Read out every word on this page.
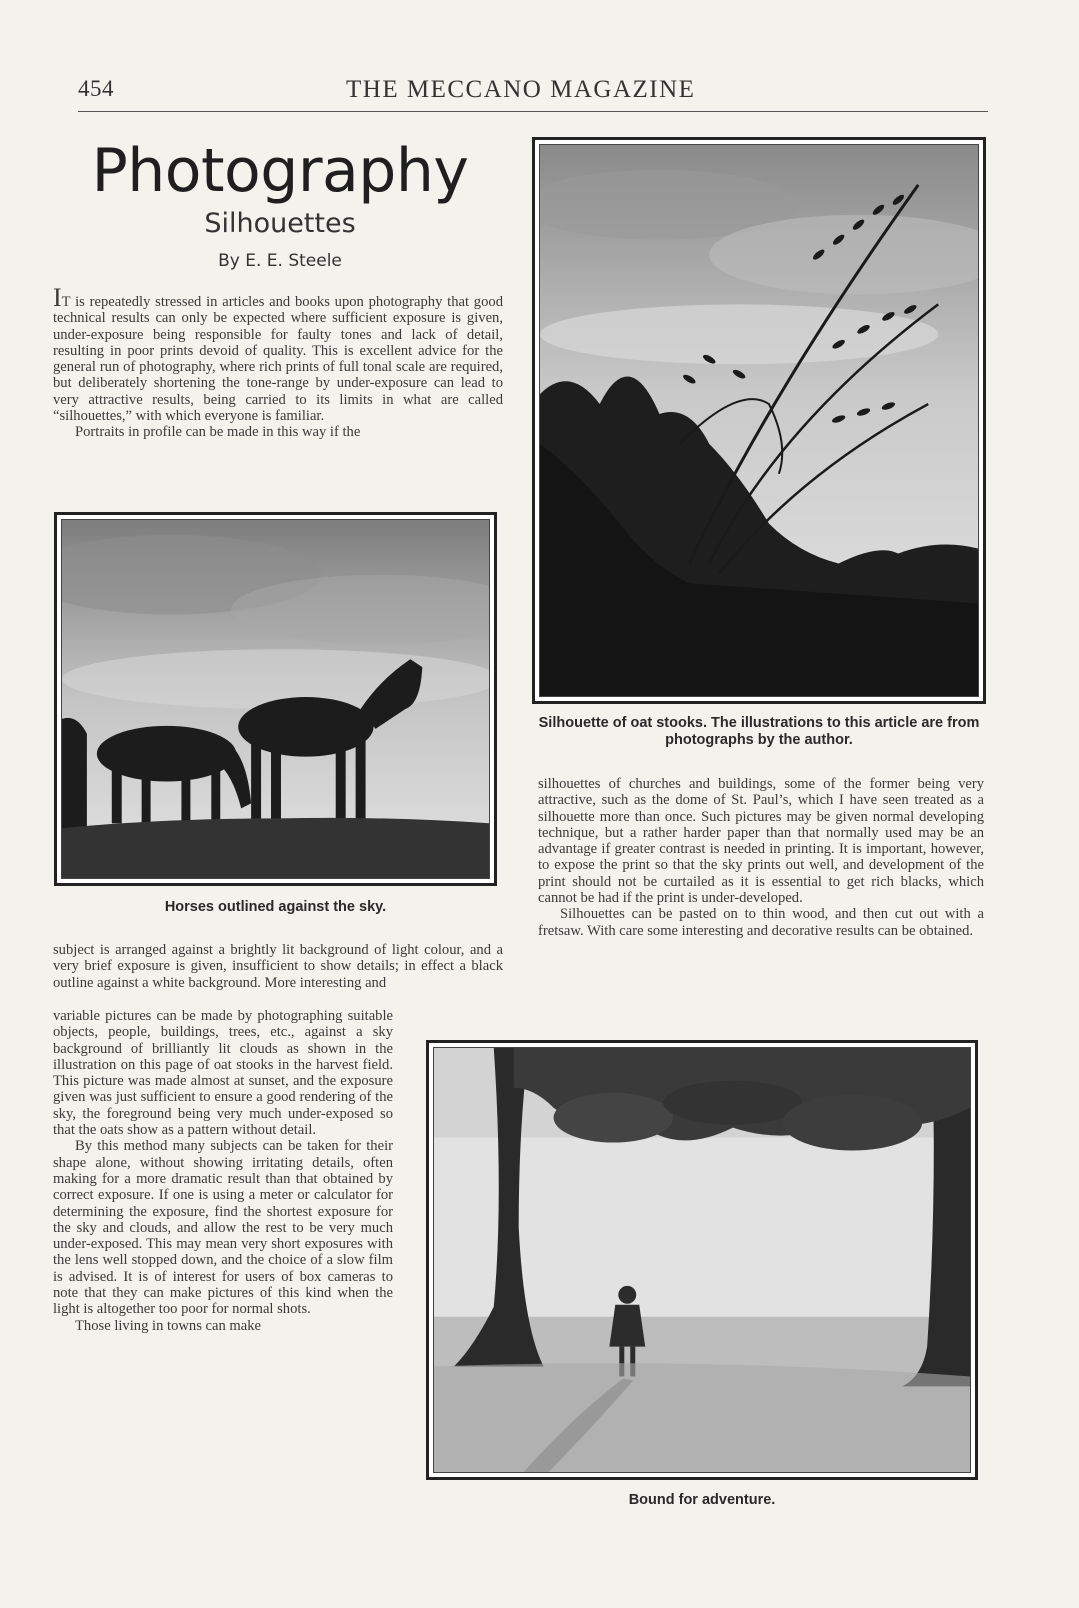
454	THE MECCANO MAGAZINE
Photography
Silhouettes
By E. E. Steele

IT is repeatedly stressed in articles and books upon photography that good technical results can only be expected where sufficient exposure is given, under-exposure being responsible for faulty tones and lack of detail, resulting in poor prints devoid of quality. This is excellent advice for the general run of photography, where rich prints of full tonal scale are required, but deliberately shortening the tone-range by under-exposure can lead to very attractive results, being carried to its limits in what are called “silhouettes,” with which everyone is familiar.

Portraits in profile can be made in this way if the

Silhouette of oat stooks. The illustrations to this article are from photographs by the author.
Horses outlined against the sky.
subject is arranged against a brightly lit background of light colour, and a very brief exposure is given, insufficient to show details; in effect a black outline against a white background. More interesting and

variable pictures can be made by photographing suitable objects, people, buildings, trees, etc., against a sky background of brilliantly lit clouds as shown in the illustration on this page of oat stooks in the harvest field. This picture was made almost at sunset, and the exposure given was just sufficient to ensure a good rendering of the sky, the foreground being very much under-exposed so that the oats show as a pattern without detail.

By this method many subjects can be taken for their shape alone, without showing irritating details, often making for a more dramatic result than that obtained by correct exposure. If one is using a meter or calculator for determining the exposure, find the shortest exposure for the sky and clouds, and allow the rest to be very much under-exposed. This may mean very short exposures with the lens well stopped down, and the choice of a slow film is advised. It is of interest for users of box cameras to note that they can make pictures of this kind when the light is altogether too poor for normal shots.

Those living in towns can make

silhouettes of churches and buildings, some of the former being very attractive, such as the dome of St. Paul’s, which I have seen treated as a silhouette more than once. Such pictures may be given normal developing technique, but a rather harder paper than that normally used may be an advantage if greater contrast is needed in printing. It is important, however, to expose the print so that the sky prints out well, and development of the print should not be curtailed as it is essential to get rich blacks, which cannot be had if the print is under-developed.

Silhouettes can be pasted on to thin wood, and then cut out with a fretsaw. With care some interesting and decorative results can be obtained.

Bound for adventure.
